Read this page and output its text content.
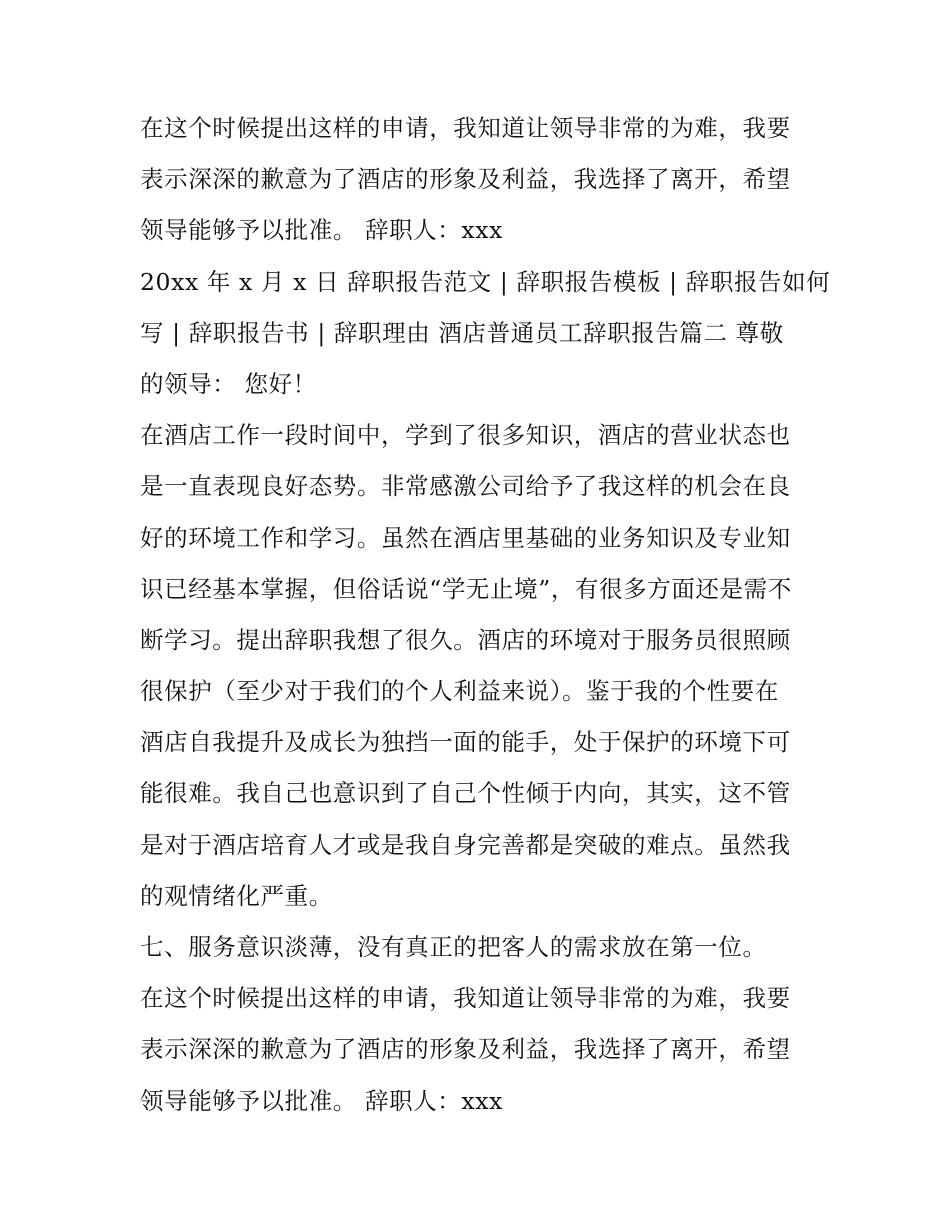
在这个时候提出这样的申请，我知道让领导非常的为难，我要
表示深深的歉意为了酒店的形象及利益，我选择了离开，希望
领导能够予以批准。 辞职人：xxx
20xx 年 x 月 x 日 辞职报告范文 | 辞职报告模板 | 辞职报告如何
写 | 辞职报告书 | 辞职理由 酒店普通员工辞职报告篇二 尊敬
的领导： 您好！
在酒店工作一段时间中，学到了很多知识，酒店的营业状态也
是一直表现良好态势。非常感激公司给予了我这样的机会在良
好的环境工作和学习。虽然在酒店里基础的业务知识及专业知
识已经基本掌握，但俗话说“学无止境”，有很多方面还是需不
断学习。提出辞职我想了很久。酒店的环境对于服务员很照顾
很保护（至少对于我们的个人利益来说）。鉴于我的个性要在
酒店自我提升及成长为独挡一面的能手，处于保护的环境下可
能很难。我自己也意识到了自己个性倾于内向，其实，这不管
是对于酒店培育人才或是我自身完善都是突破的难点。虽然我
的观情绪化严重。
七、服务意识淡薄，没有真正的把客人的需求放在第一位。
在这个时候提出这样的申请，我知道让领导非常的为难，我要
表示深深的歉意为了酒店的形象及利益，我选择了离开，希望
领导能够予以批准。 辞职人：xxx
